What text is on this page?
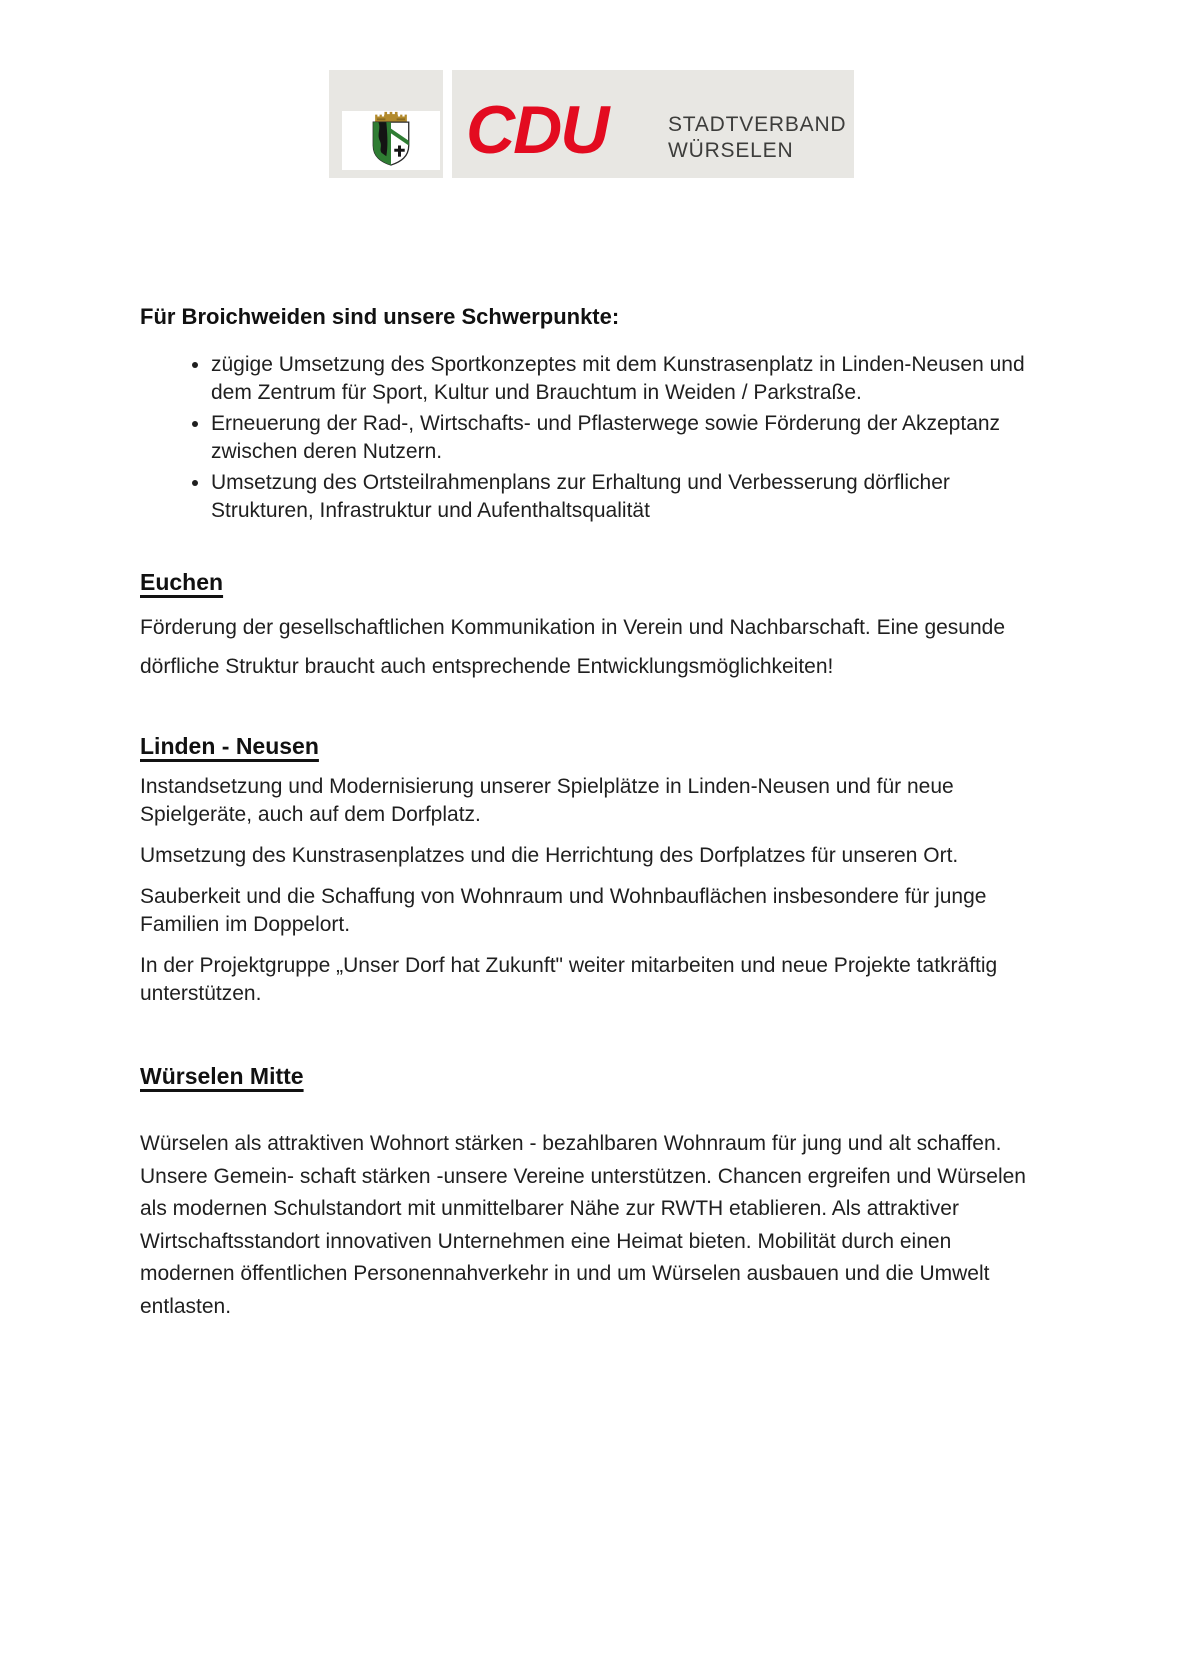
CDU	STADTVERBAND
WÜRSELEN
Für Broichweiden sind unsere Schwerpunkte:
• zügige Umsetzung des Sportkonzeptes mit dem Kunstrasenplatz in Linden-Neusen und dem Zentrum für Sport, Kultur und Brauchtum in Weiden / Parkstraße.
• Erneuerung der Rad-, Wirtschafts- und Pflasterwege sowie Förderung der Akzeptanz zwischen deren Nutzern.
• Umsetzung des Ortsteilrahmenplans zur Erhaltung und Verbesserung dörflicher Strukturen, Infrastruktur und Aufenthaltsqualität
Euchen

Förderung der gesellschaftlichen Kommunikation in Verein und Nachbarschaft. Eine gesunde dörfliche Struktur braucht auch entsprechende Entwicklungsmöglichkeiten!

Linden - Neusen

Instandsetzung und Modernisierung unserer Spielplätze in Linden-Neusen und für neue Spielgeräte, auch auf dem Dorfplatz.

Umsetzung des Kunstrasenplatzes und die Herrichtung des Dorfplatzes für unseren Ort.

Sauberkeit und die Schaffung von Wohnraum und Wohnbauflächen insbesondere für junge Familien im Doppelort.

In der Projektgruppe „Unser Dorf hat Zukunft" weiter mitarbeiten und neue Projekte tatkräftig unterstützen.

Würselen Mitte

Würselen als attraktiven Wohnort stärken - bezahlbaren Wohnraum für jung und alt schaffen. Unsere Gemein- schaft stärken -unsere Vereine unterstützen. Chancen ergreifen und Würselen als modernen Schulstandort mit unmittelbarer Nähe zur RWTH etablieren. Als attraktiver Wirtschaftsstandort innovativen Unternehmen eine Heimat bieten. Mobilität durch einen modernen öffentlichen Personennahverkehr in und um Würselen ausbauen und die Umwelt entlasten.
